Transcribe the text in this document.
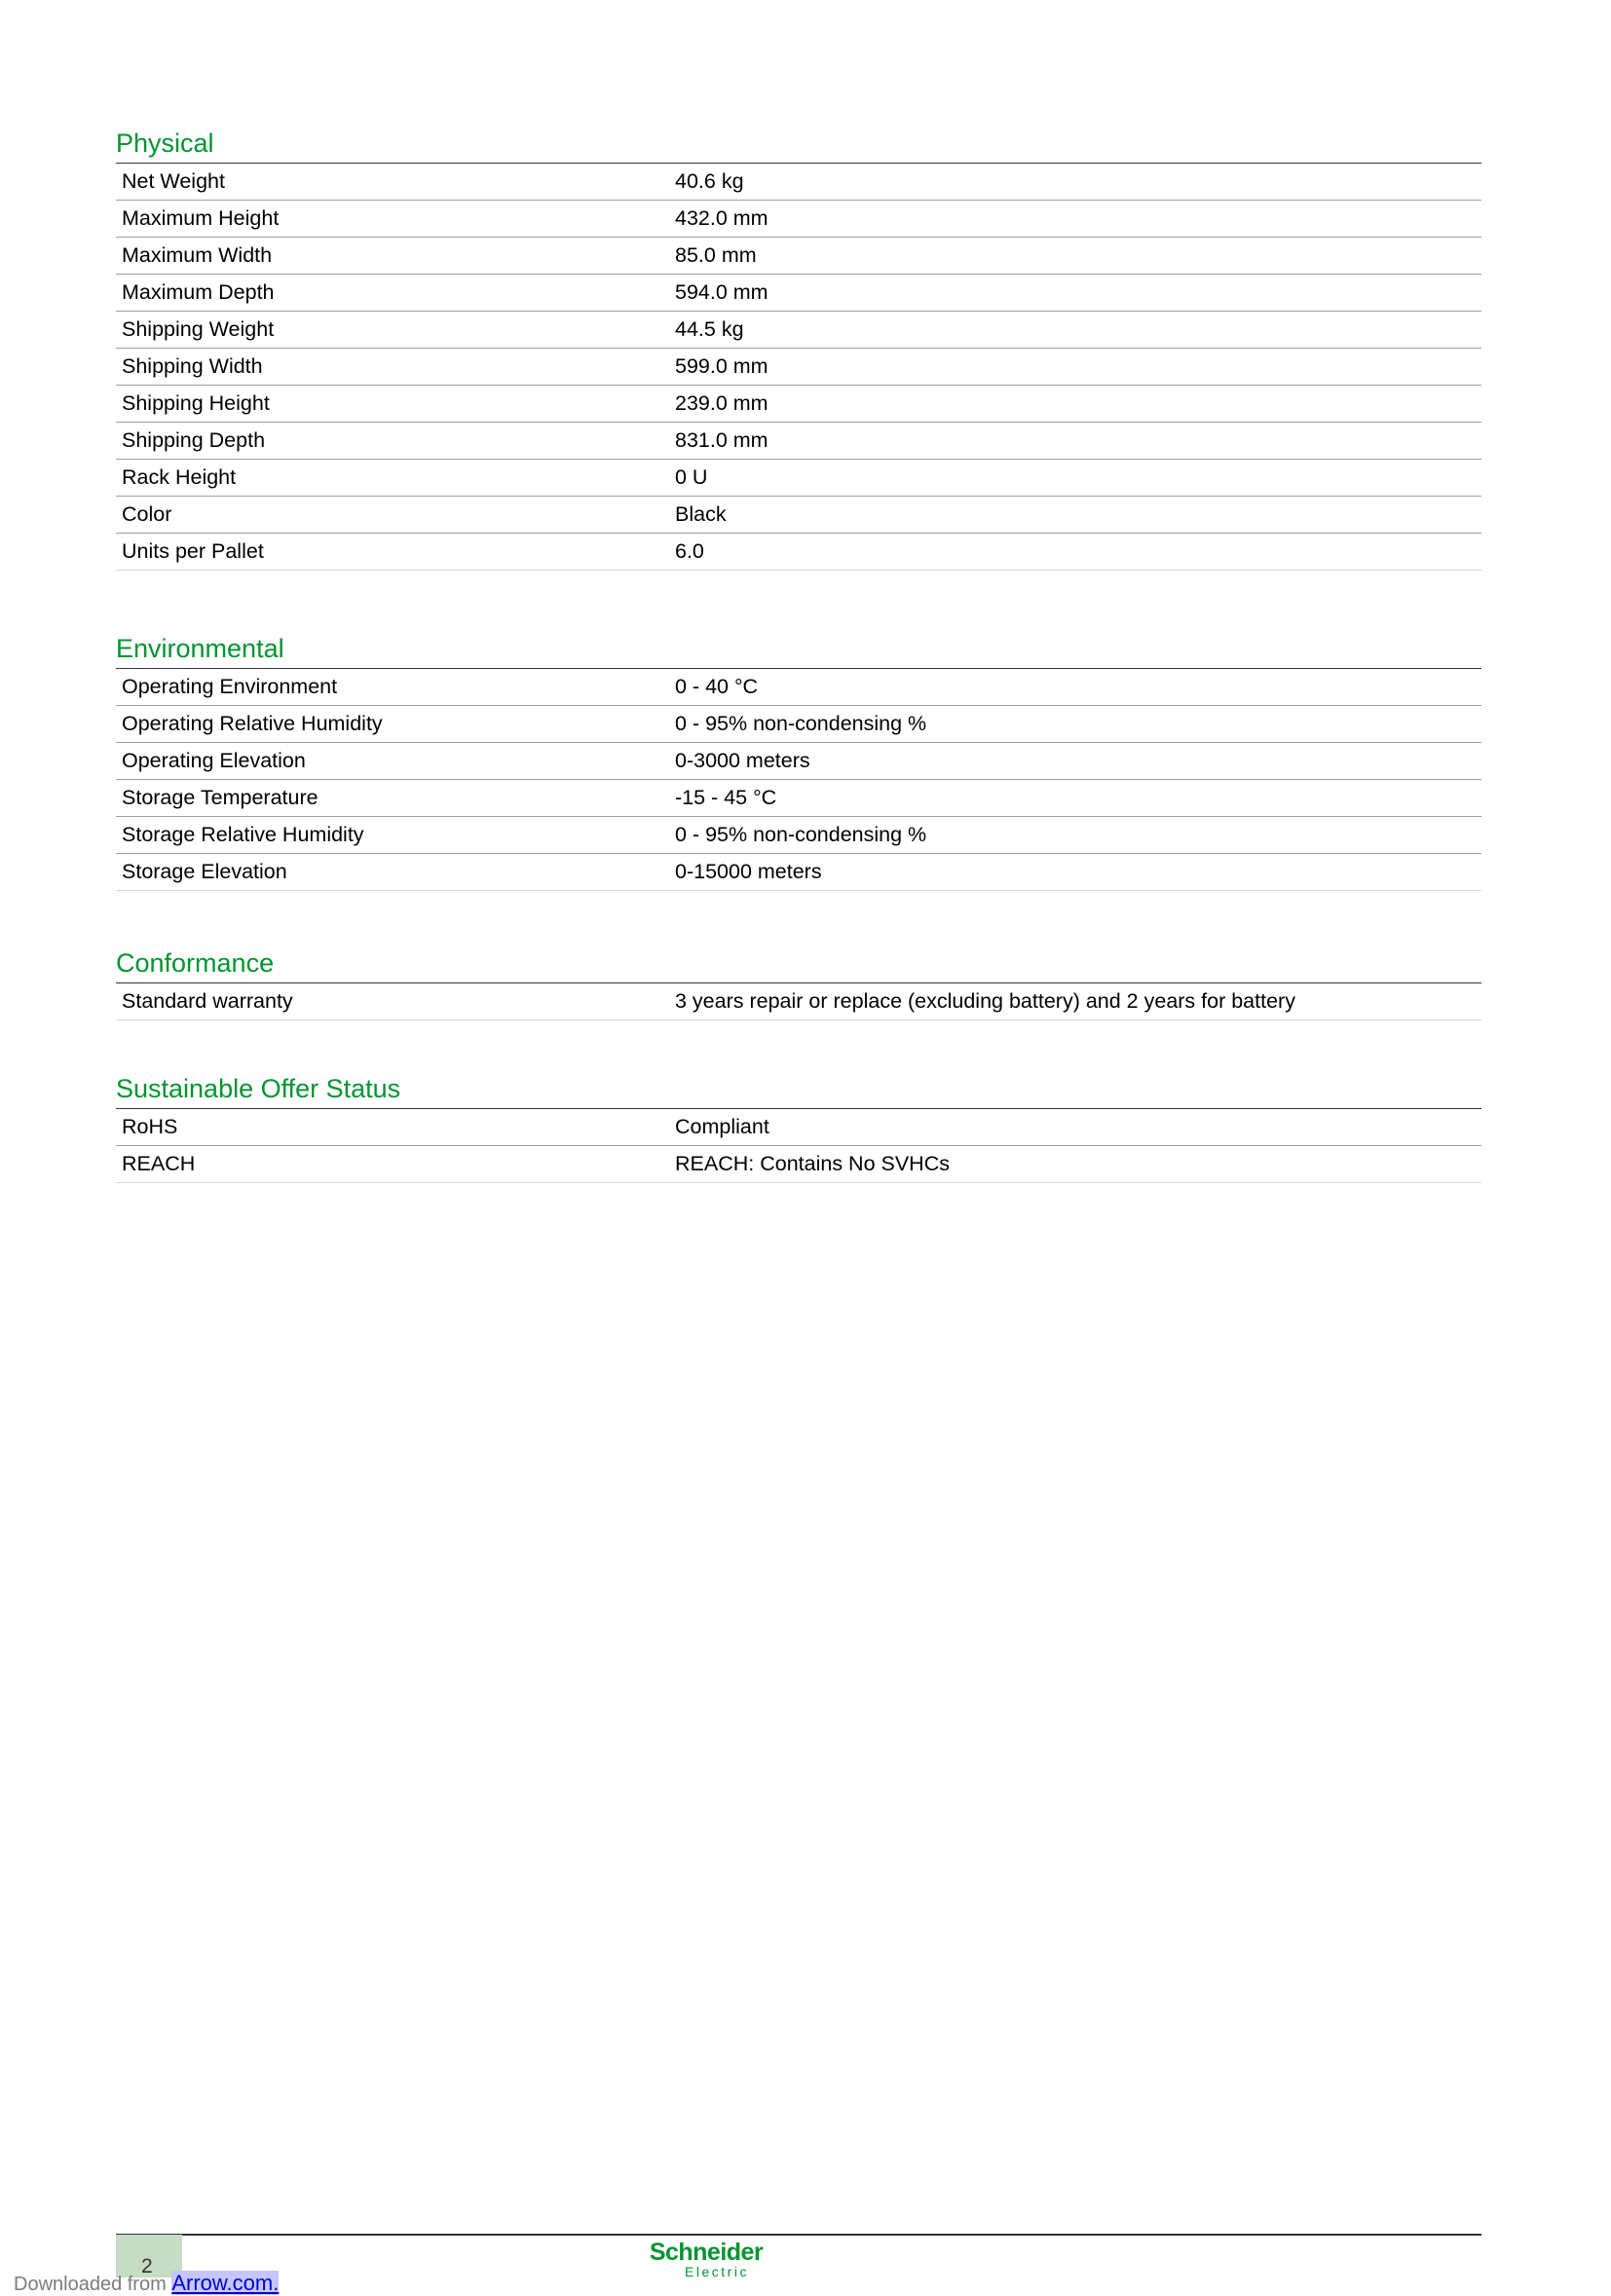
Physical
Net Weight	40.6 kg
Maximum Height	432.0 mm
Maximum Width	85.0 mm
Maximum Depth	594.0 mm
Shipping Weight	44.5 kg
Shipping Width	599.0 mm
Shipping Height	239.0 mm
Shipping Depth	831.0 mm
Rack Height	0 U
Color	Black
Units per Pallet	6.0
Environmental
Operating Environment	0 - 40 °C
Operating Relative Humidity	0 - 95% non-condensing %
Operating Elevation	0-3000 meters
Storage Temperature	-15 - 45 °C
Storage Relative Humidity	0 - 95% non-condensing %
Storage Elevation	0-15000 meters
Conformance
Standard warranty	3 years repair or replace (excluding battery) and 2 years for battery
Sustainable Offer Status
RoHS	Compliant
REACH	REACH: Contains No SVHCs
2
Schneider
Electric
Downloaded from Arrow.com.
